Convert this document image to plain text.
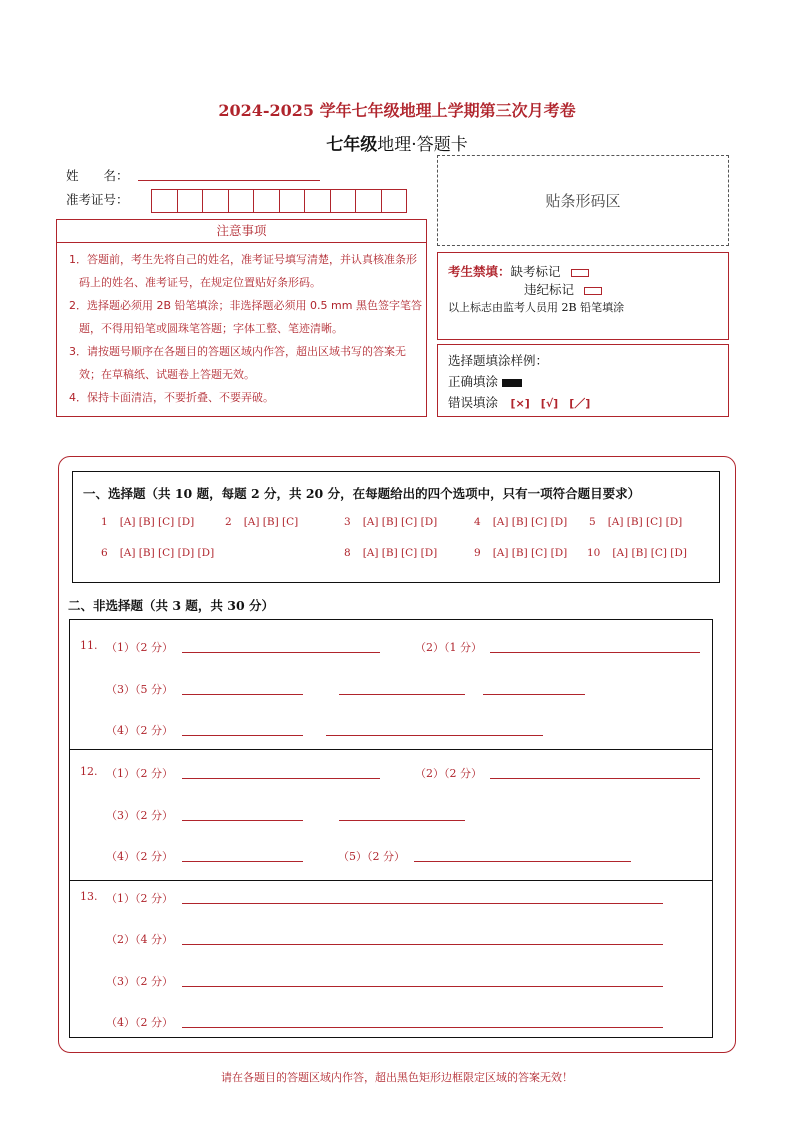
2024-2025 学年七年级地理上学期第三次月考卷
七年级地理·答题卡
姓　　名：
准考证号：	贴条形码区
注意事项

1．答题前，考生先将自己的姓名，准考证号填写清楚，并认真核准条形码上的姓名、准考证号，在规定位置贴好条形码。

2．选择题必须用 2B 铅笔填涂；非选择题必须用 0.5 mm 黑色签字笔答题，不得用铅笔或圆珠笔答题；字体工整、笔迹清晰。

3．请按题号顺序在各题目的答题区域内作答，超出区域书写的答案无效；在草稿纸、试题卷上答题无效。

4．保持卡面清洁，不要折叠、不要弄破。

考生禁填：缺考标记
违纪标记
以上标志由监考人员用 2B 铅笔填涂
选择题填涂样例：
正确填涂
错误填涂　 [×]　[√]　[／]
一、选择题（共 10 题，每题 2 分，共 20 分，在每题给出的四个选项中，只有一项符合题目要求）
1 [A] [B] [C] [D]	2 [A] [B] [C]	3 [A] [B] [C] [D]	4 [A] [B] [C] [D] 5 [A] [B] [C] [D]
6 [A] [B] [C] [D] [D]	8 [A] [B] [C] [D]	9 [A] [B] [C] [D] 10 [A] [B] [C] [D]
二、非选择题（共 3 题，共 30 分）
11. （1）（2 分）	（2）（1 分）
（3）（5 分）
（4）（2 分）
12. （1）（2 分）	（2）（2 分）
（3）（2 分）
（4）（2 分）	（5）（2 分）
13. （1）（2 分）
（2）（4 分）
（3）（2 分）
（4）（2 分）
请在各题目的答题区域内作答，超出黑色矩形边框限定区域的答案无效！
